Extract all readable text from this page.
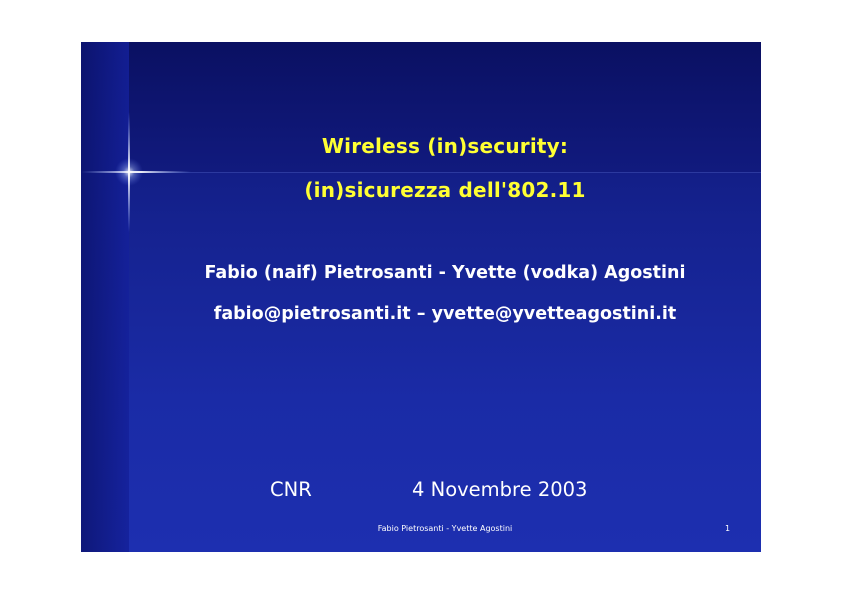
Wireless (in)security:
(in)sicurezza dell'802.11
Fabio (naif) Pietrosanti - Yvette (vodka) Agostini
fabio@pietrosanti.it – yvette@yvetteagostini.it
CNR	4 Novembre 2003
Fabio Pietrosanti - Yvette Agostini	1
